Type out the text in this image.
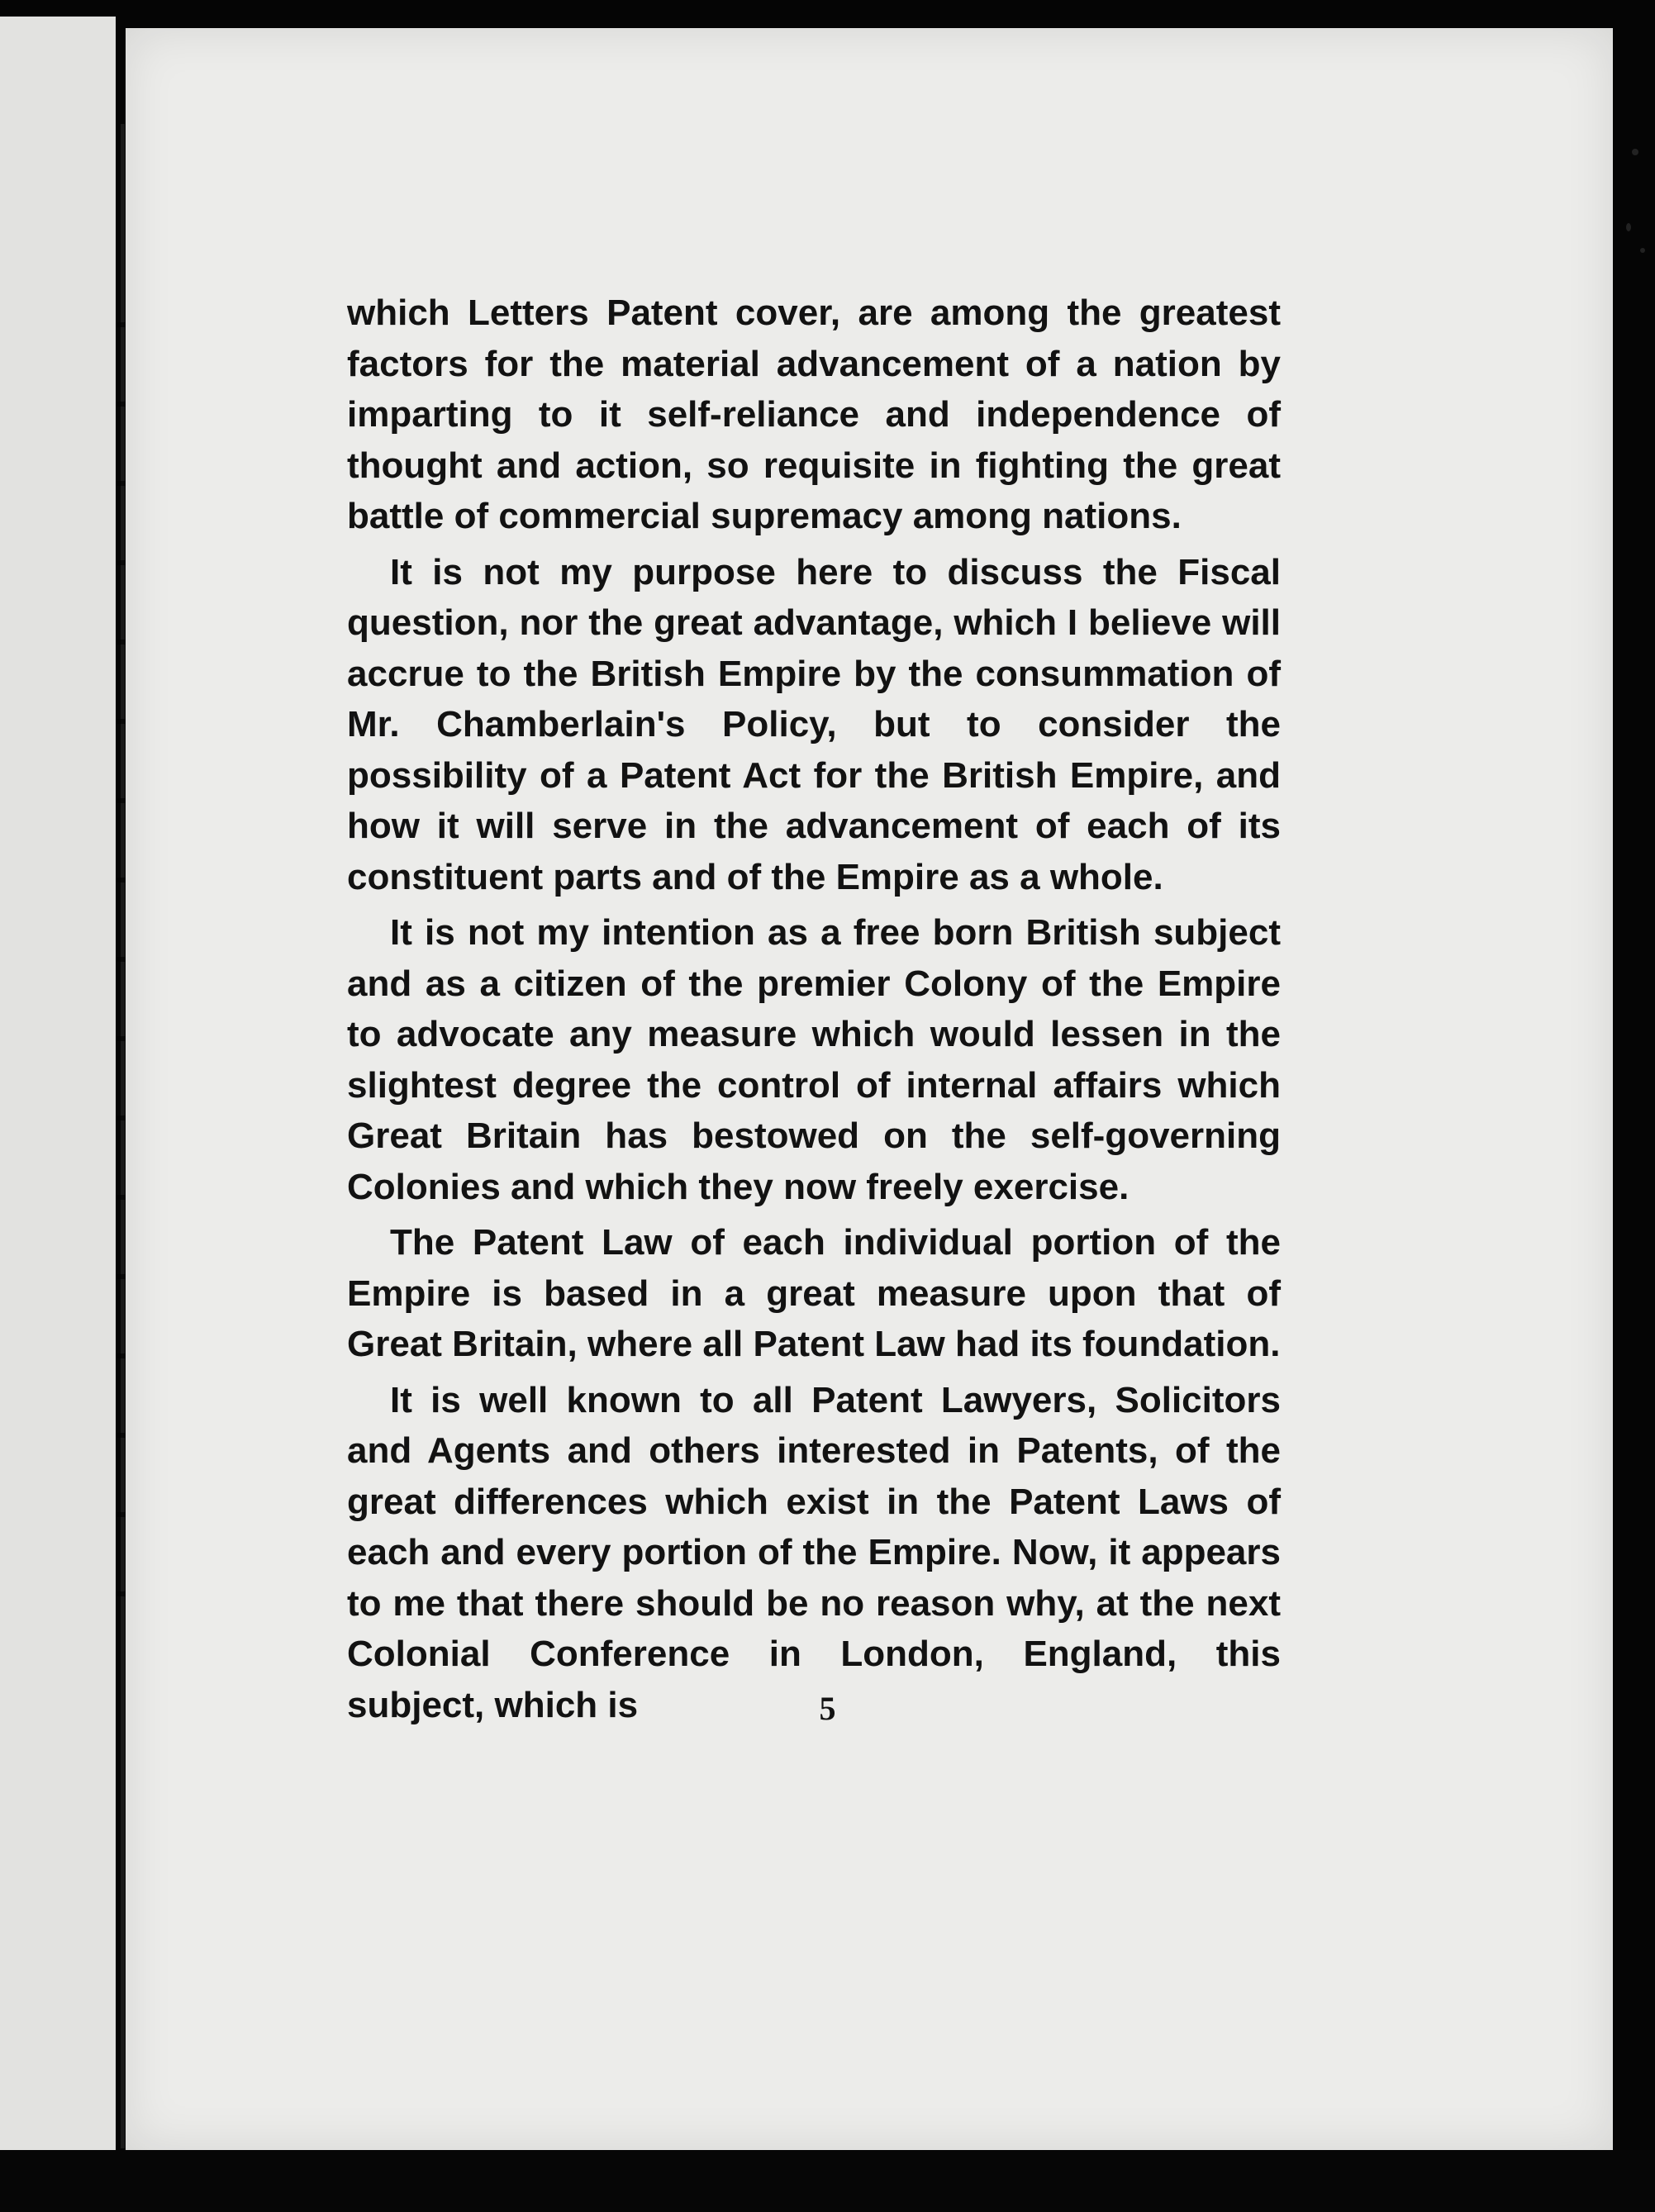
which Letters Patent cover, are among the greatest factors for the material advancement of a nation by imparting to it self-reliance and independence of thought and action, so requisite in fighting the great battle of commercial supremacy among nations.

It is not my purpose here to discuss the Fiscal question, nor the great advantage, which I believe will accrue to the British Empire by the consummation of Mr. Chamberlain's Policy, but to consider the possibility of a Patent Act for the British Empire, and how it will serve in the advancement of each of its constituent parts and of the Empire as a whole.

It is not my intention as a free born British subject and as a citizen of the premier Colony of the Empire to advocate any measure which would lessen in the slightest degree the control of internal affairs which Great Britain has bestowed on the self-governing Colonies and which they now freely exercise.

The Patent Law of each individual portion of the Empire is based in a great measure upon that of Great Britain, where all Patent Law had its foundation.

It is well known to all Patent Lawyers, Solicitors and Agents and others interested in Patents, of the great differences which exist in the Patent Laws of each and every portion of the Empire. Now, it appears to me that there should be no reason why, at the next Colonial Conference in London, England, this subject, which is	5
